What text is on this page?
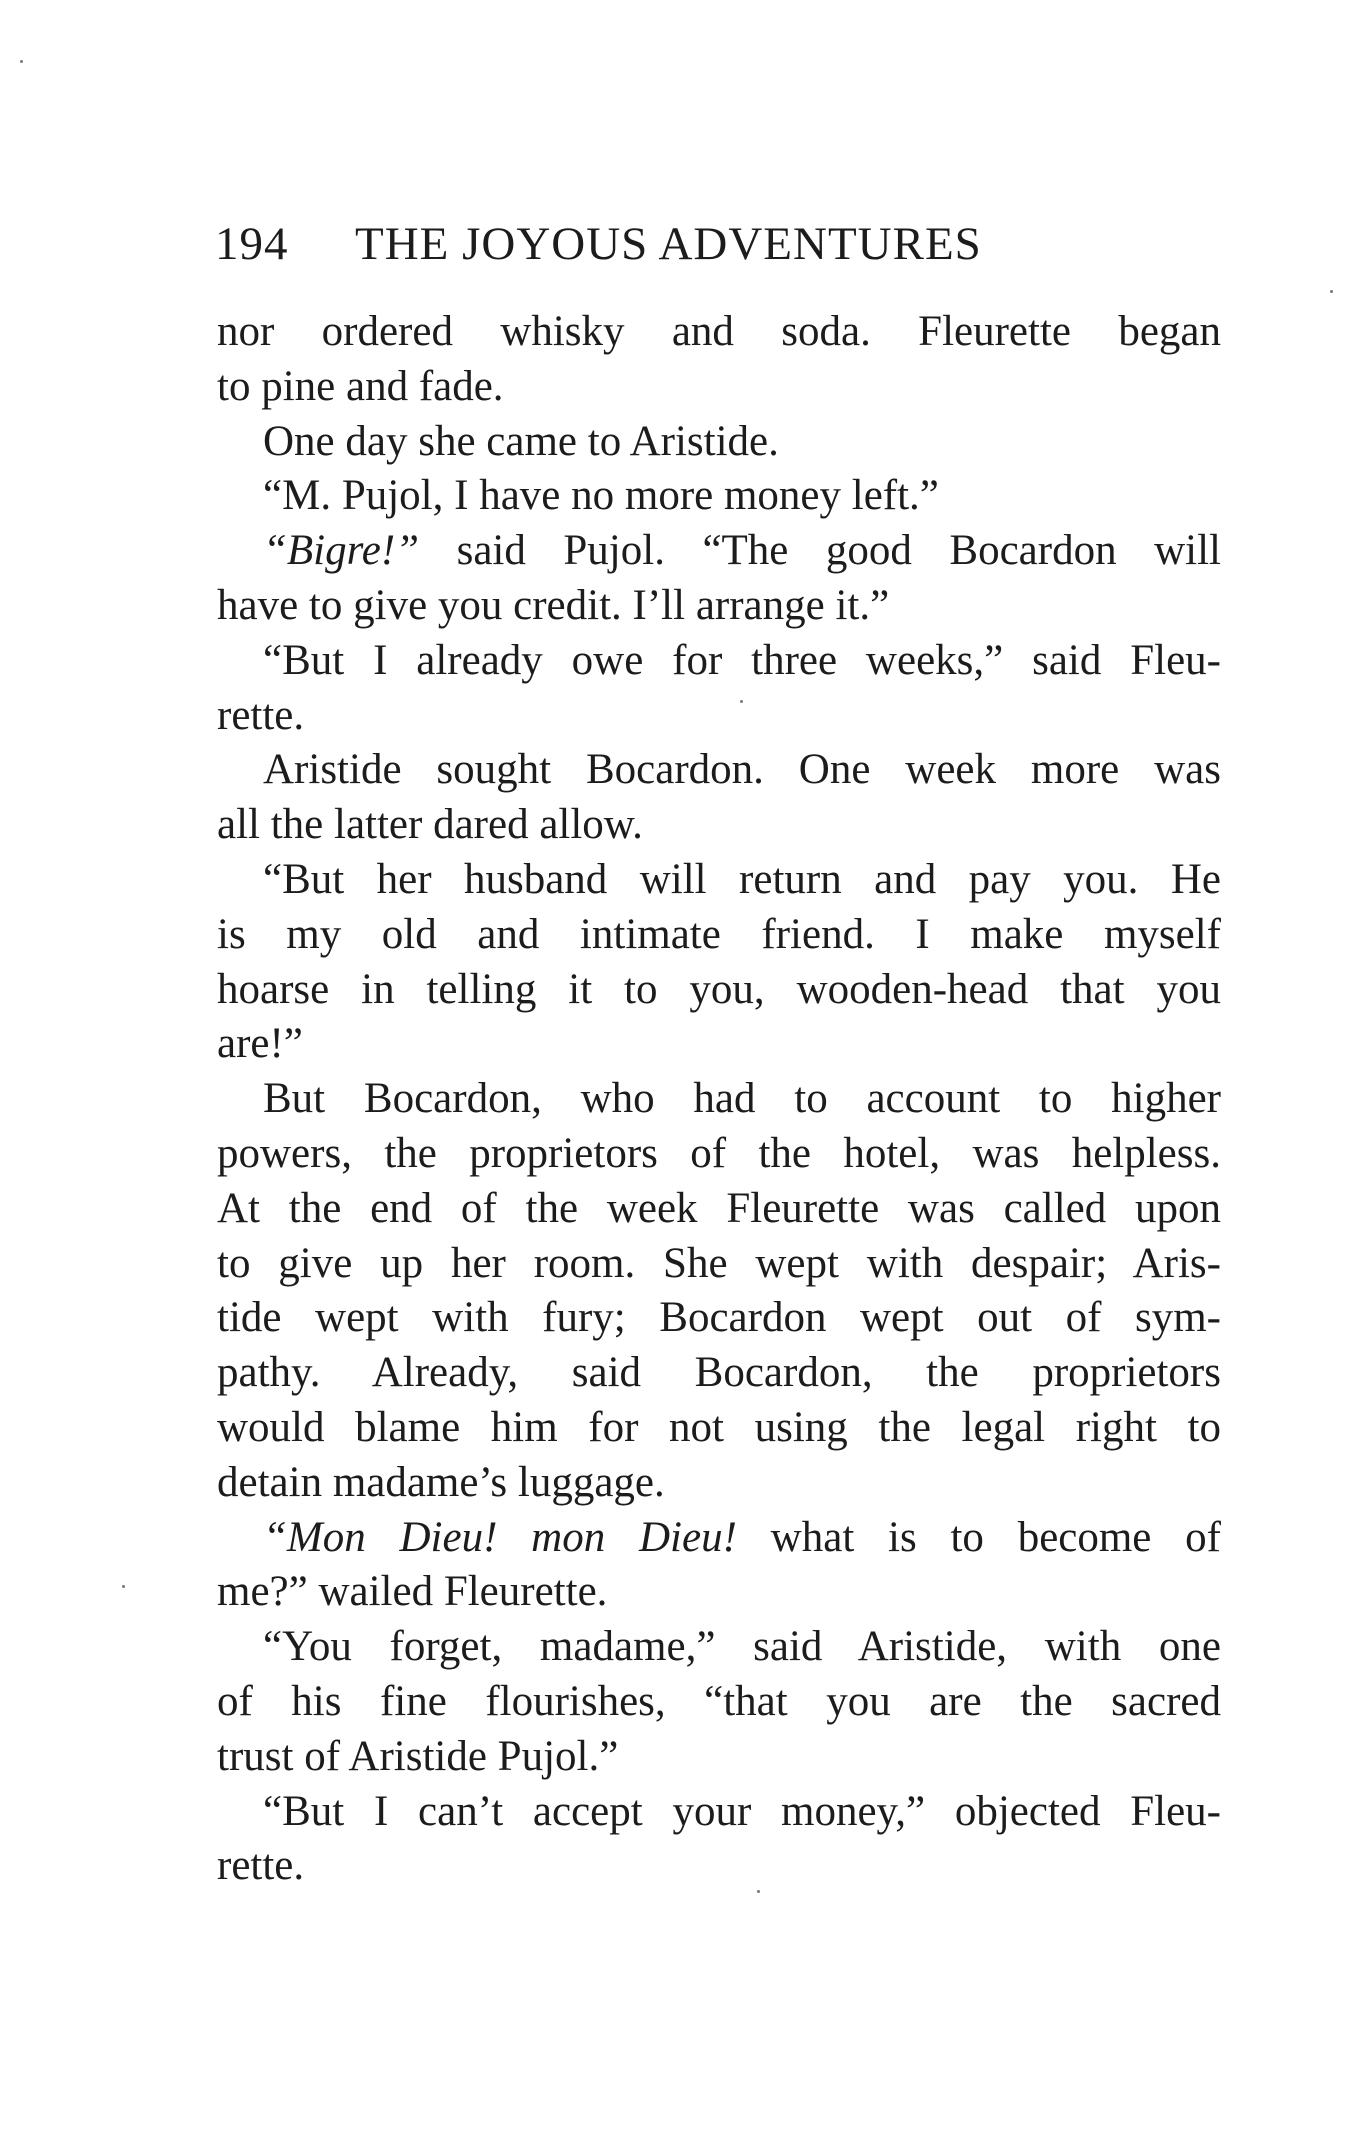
194 THE JOYOUS ADVENTURES
nor ordered whisky and soda. Fleurette began
to pine and fade.
One day she came to Aristide.
“M. Pujol, I have no more money left.”
“Bigre!” said Pujol. “The good Bocardon will
have to give you credit. I’ll arrange it.”
“But I already owe for three weeks,” said Fleu-
rette.
Aristide sought Bocardon. One week more was
all the latter dared allow.
“But her husband will return and pay you. He
is my old and intimate friend. I make myself
hoarse in telling it to you, wooden-head that you
are!”
But Bocardon, who had to account to higher
powers, the proprietors of the hotel, was helpless.
At the end of the week Fleurette was called upon
to give up her room. She wept with despair; Aris-
tide wept with fury; Bocardon wept out of sym-
pathy. Already, said Bocardon, the proprietors
would blame him for not using the legal right to
detain madame’s luggage.
“Mon Dieu! mon Dieu! what is to become of
me?” wailed Fleurette.
“You forget, madame,” said Aristide, with one
of his fine flourishes, “that you are the sacred
trust of Aristide Pujol.”
“But I can’t accept your money,” objected Fleu-
rette.
